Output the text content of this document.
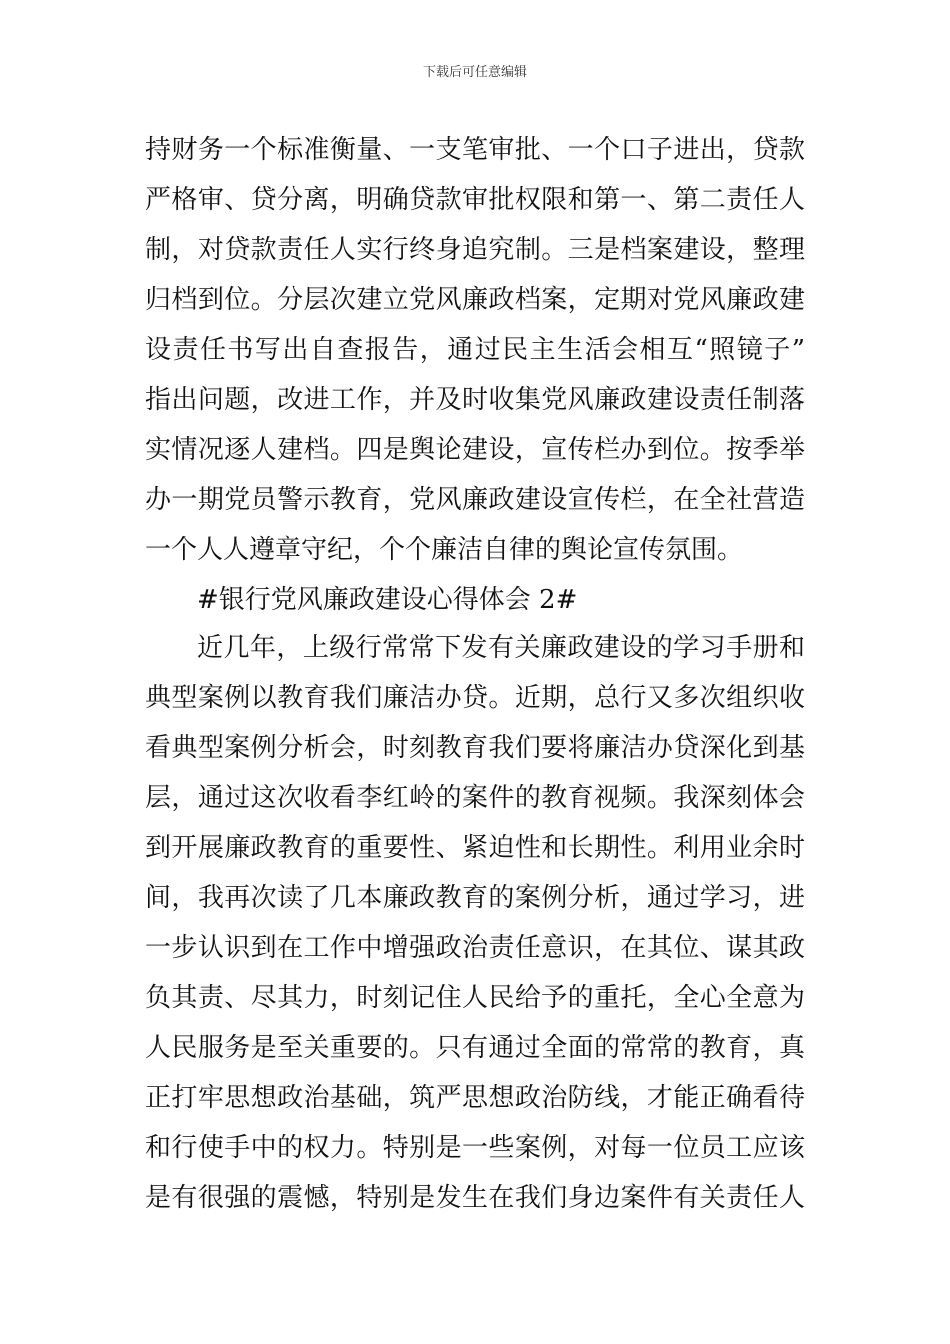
下载后可任意编辑
持财务一个标准衡量、一支笔审批、一个口子进出，贷款
严格审、贷分离，明确贷款审批权限和第一、第二责任人
制，对贷款责任人实行终身追究制。三是档案建设，整理
归档到位。分层次建立党风廉政档案，定期对党风廉政建
设责任书写出自查报告，通过民主生活会相互“照镜子”
指出问题，改进工作，并及时收集党风廉政建设责任制落
实情况逐人建档。四是舆论建设，宣传栏办到位。按季举
办一期党员警示教育，党风廉政建设宣传栏，在全社营造
一个人人遵章守纪，个个廉洁自律的舆论宣传氛围。
#银行党风廉政建设心得体会 2#
近几年，上级行常常下发有关廉政建设的学习手册和
典型案例以教育我们廉洁办贷。近期，总行又多次组织收
看典型案例分析会，时刻教育我们要将廉洁办贷深化到基
层，通过这次收看李红岭的案件的教育视频。我深刻体会
到开展廉政教育的重要性、紧迫性和长期性。利用业余时
间，我再次读了几本廉政教育的案例分析，通过学习，进
一步认识到在工作中增强政治责任意识，在其位、谋其政
负其责、尽其力，时刻记住人民给予的重托，全心全意为
人民服务是至关重要的。只有通过全面的常常的教育，真
正打牢思想政治基础，筑严思想政治防线，才能正确看待
和行使手中的权力。特别是一些案例，对每一位员工应该
是有很强的震憾，特别是发生在我们身边案件有关责任人
